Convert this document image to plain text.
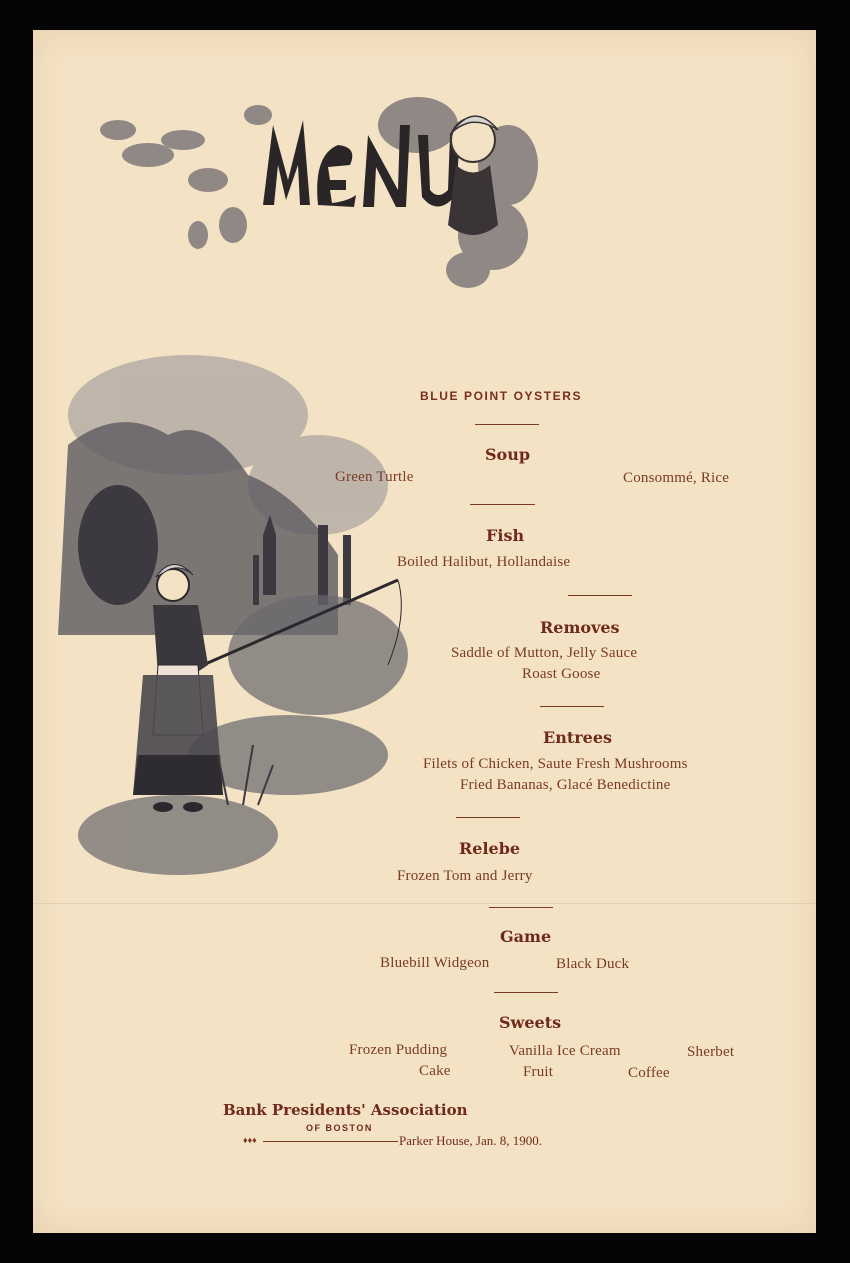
BLUE POINT OYSTERS
Soup
Green Turtle	Consommé, Rice
Fish
Boiled Halibut, Hollandaise
Removes
Saddle of Mutton, Jelly Sauce
Roast Goose
Entrees
Filets of Chicken, Saute Fresh Mushrooms
Fried Bananas, Glacé Benedictine
Relebe
Frozen Tom and Jerry
Game
Bluebill Widgeon	Black Duck
Sweets
Frozen Pudding	Vanilla Ice Cream	Sherbet
Cake	Fruit	Coffee
Bank Presidents' Association
OF BOSTON
♦♦♦	Parker House, Jan. 8, 1900.
